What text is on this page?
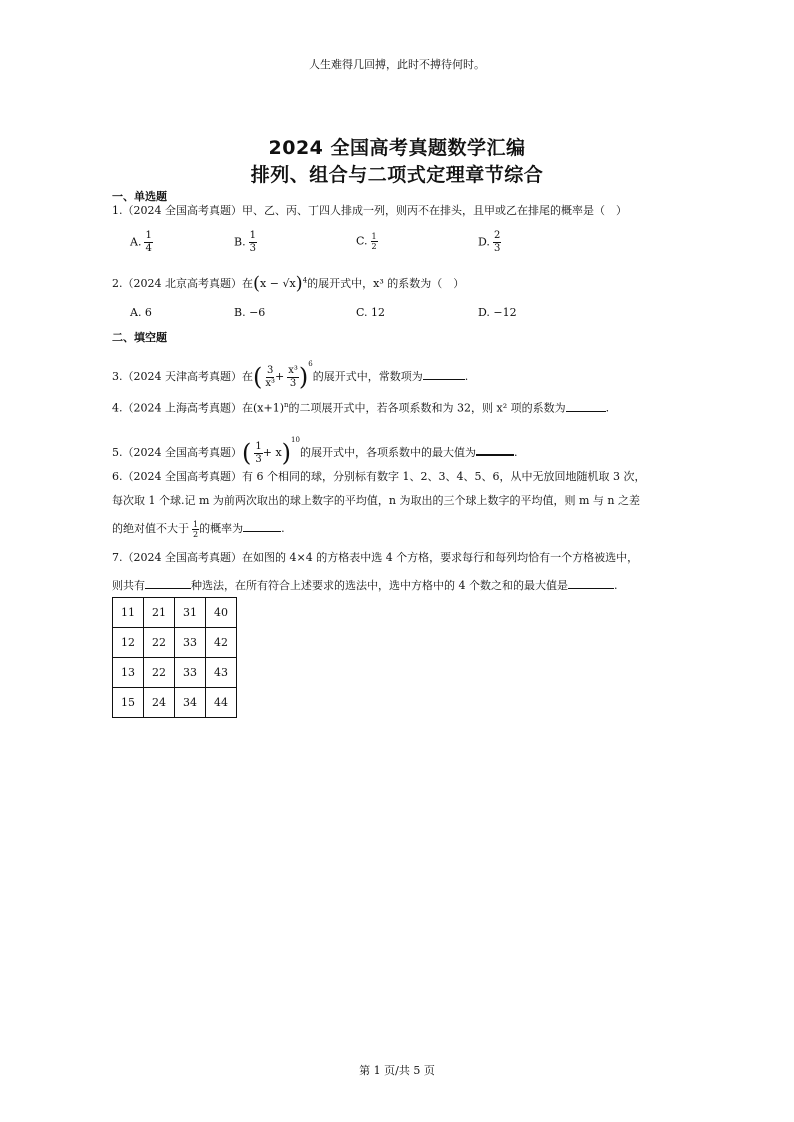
人生难得几回搏，此时不搏待何时。
2024 全国高考真题数学汇编
排列、组合与二项式定理章节综合
一、单选题
1.（2024 全国高考真题）甲、乙、丙、丁四人排成一列，则丙不在排头，且甲或乙在排尾的概率是（　）
A. $\frac{1}{4}$	B. $\frac{1}{3}$	C. $\frac{1}{2}$	D. $\frac{2}{3}$
2.（2024 北京高考真题）在$(x - √x)^4$的展开式中，x³ 的系数为（　）
A. 6	B. −6	C. 12	D. −12
二、填空题
3.（2024 天津高考真题）在( $\frac{3}{\text{x³}} + \frac{\text{x³}}{3} )^6$的展开式中，常数项为	.
4.（2024 上海高考真题）在$(x+1)^n$的二项展开式中，若各项系数和为 32，则 x² 项的系数为	.
5.（2024 全国高考真题）( $\frac{1}{3} + x)^{10}$的展开式中，各项系数中的最大值为	.
6.（2024 全国高考真题）有 6 个相同的球，分别标有数字 1、2、3、4、5、6，从中无放回地随机取 3 次，
每次取 1 个球.记 m 为前两次取出的球上数字的平均值，n 为取出的三个球上数字的平均值，则 m 与 n 之差
的绝对值不大于 $\frac{1}{2}$ 的概率为	.
7.（2024 全国高考真题）在如图的 4×4 的方格表中选 4 个方格，要求每行和每列均恰有一个方格被选中，
则共有	种选法，在所有符合上述要求的选法中，选中方格中的 4 个数之和的最大值是	.
11	21	31	40
12	22	33	42
13	22	33	43
15	24	34	44
第 1 页/共 5 页
